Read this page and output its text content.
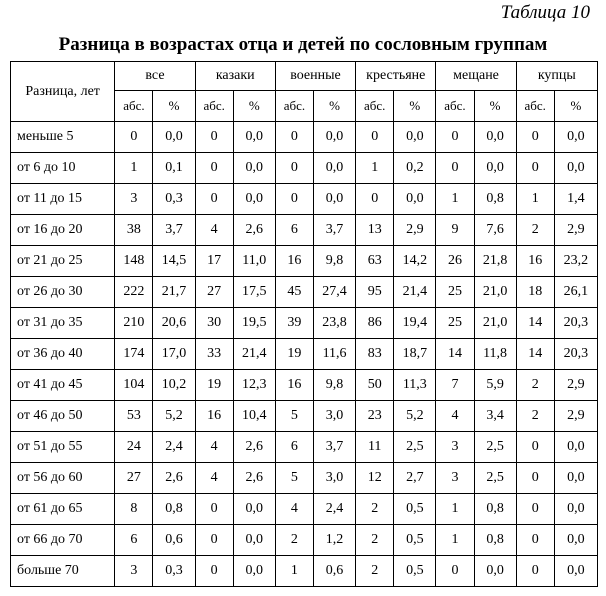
Таблица 10
Разница в возрастах отца и детей по сословным группам
Разница, лет	все		казаки		военные		крестьяне		мещане		купцы	
	абс.	%	абс.	%	абс.	%	абс.	%	абс.	%	абс.	%
меньше 5	0	0,0	0	0,0	0	0,0	0	0,0	0	0,0	0	0,0
от 6 до 10	1	0,1	0	0,0	0	0,0	1	0,2	0	0,0	0	0,0
от 11 до 15	3	0,3	0	0,0	0	0,0	0	0,0	1	0,8	1	1,4
от 16 до 20	38	3,7	4	2,6	6	3,7	13	2,9	9	7,6	2	2,9
от 21 до 25	148	14,5	17	11,0	16	9,8	63	14,2	26	21,8	16	23,2
от 26 до 30	222	21,7	27	17,5	45	27,4	95	21,4	25	21,0	18	26,1
от 31 до 35	210	20,6	30	19,5	39	23,8	86	19,4	25	21,0	14	20,3
от 36 до 40	174	17,0	33	21,4	19	11,6	83	18,7	14	11,8	14	20,3
от 41 до 45	104	10,2	19	12,3	16	9,8	50	11,3	7	5,9	2	2,9
от 46 до 50	53	5,2	16	10,4	5	3,0	23	5,2	4	3,4	2	2,9
от 51 до 55	24	2,4	4	2,6	6	3,7	11	2,5	3	2,5	0	0,0
от 56 до 60	27	2,6	4	2,6	5	3,0	12	2,7	3	2,5	0	0,0
от 61 до 65	8	0,8	0	0,0	4	2,4	2	0,5	1	0,8	0	0,0
от 66 до 70	6	0,6	0	0,0	2	1,2	2	0,5	1	0,8	0	0,0
больше 70	3	0,3	0	0,0	1	0,6	2	0,5	0	0,0	0	0,0
